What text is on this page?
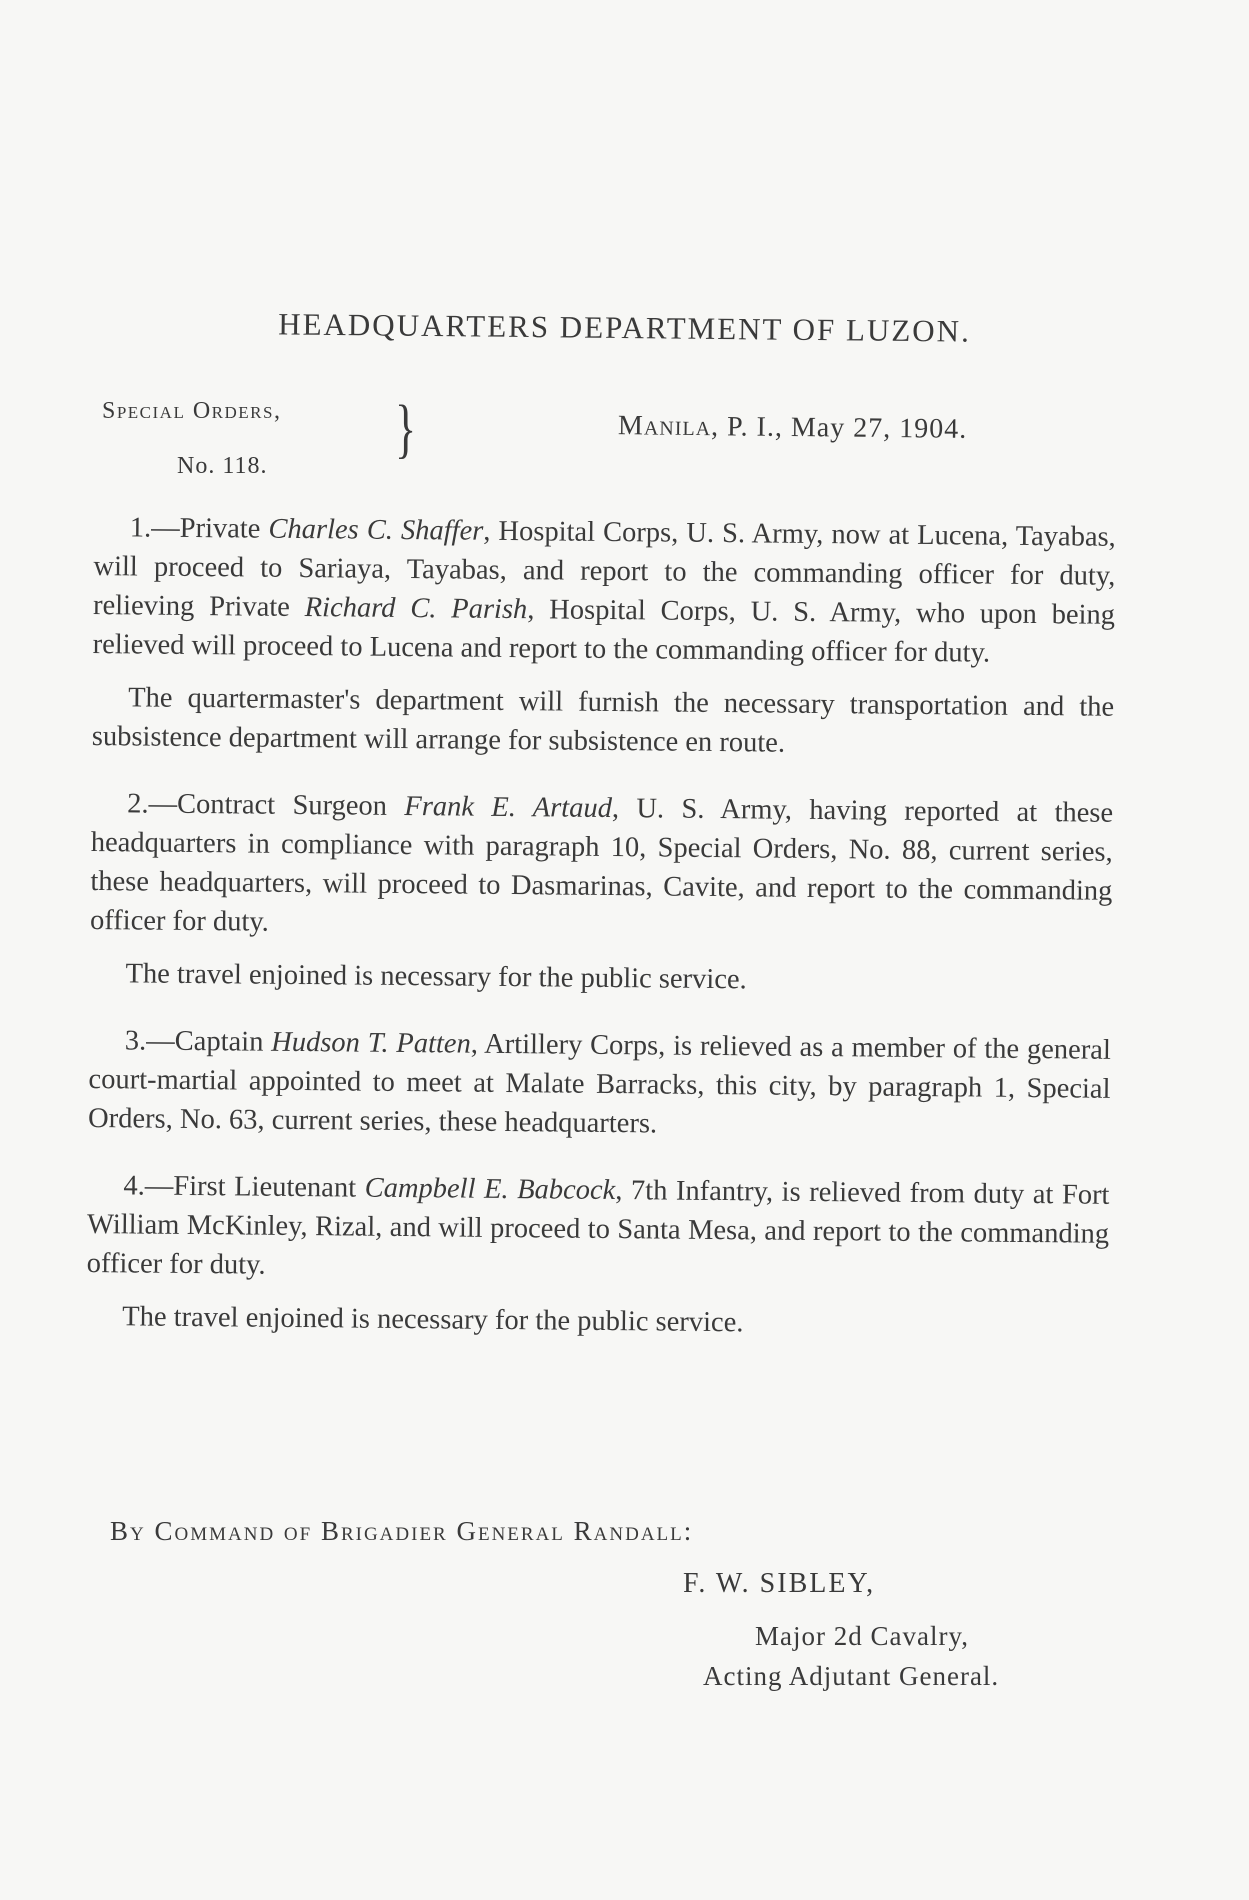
HEADQUARTERS DEPARTMENT OF LUZON.
Special Orders,
No. 118.
}	Manila, P. I., May 27, 1904.

1.—Private Charles C. Shaffer, Hospital Corps, U. S. Army, now at Lucena, Tayabas, will proceed to Sariaya, Tayabas, and report to the commanding officer for duty, relieving Private Richard C. Parish, Hospital Corps, U. S. Army, who upon being relieved will proceed to Lucena and report to the commanding officer for duty.

The quartermaster's department will furnish the necessary transportation and the subsistence department will arrange for subsistence en route.

2.—Contract Surgeon Frank E. Artaud, U. S. Army, having reported at these headquarters in compliance with paragraph 10, Special Orders, No. 88, current series, these headquarters, will proceed to Dasmarinas, Cavite, and report to the commanding officer for duty.

The travel enjoined is necessary for the public service.

3.—Captain Hudson T. Patten, Artillery Corps, is relieved as a member of the general court-martial appointed to meet at Malate Barracks, this city, by paragraph 1, Special Orders, No. 63, current series, these headquarters.

4.—First Lieutenant Campbell E. Babcock, 7th Infantry, is relieved from duty at Fort William McKinley, Rizal, and will proceed to Santa Mesa, and report to the commanding officer for duty.

The travel enjoined is necessary for the public service.

By Command of Brigadier General Randall:
F. W. SIBLEY,
Major 2d Cavalry,
Acting Adjutant General.
